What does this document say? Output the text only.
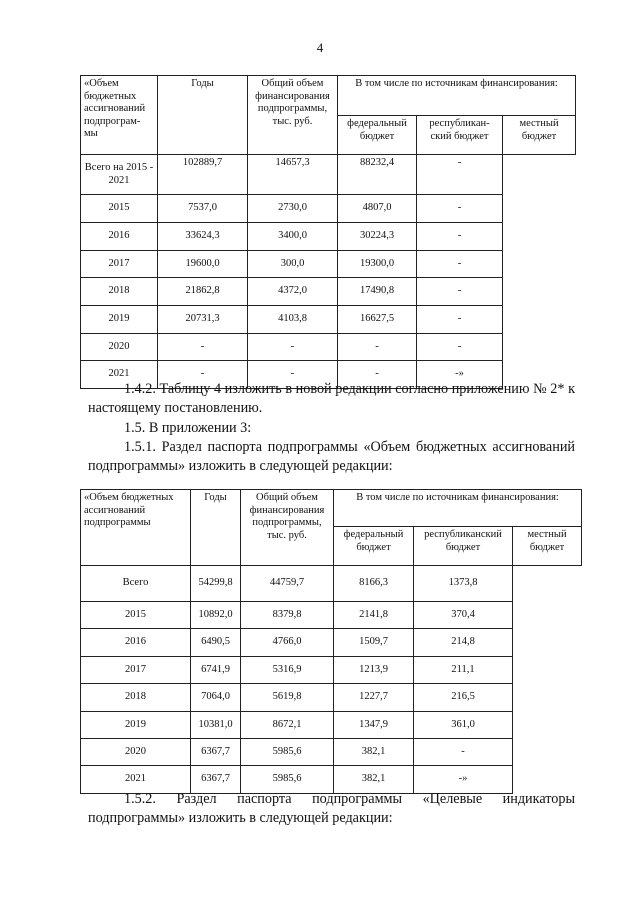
4
«Объем бюджетных ассигнований подпрограм-мы	Годы	Общий объем финансирования подпрограммы, тыс. руб.	В том числе по источникам финансирования:		
			федеральный бюджет	республикан-ский бюджет	местный бюджет
Всего на 2015 - 2021	102889,7	14657,3	88232,4	-	
2015	7537,0	2730,0	4807,0	-	
2016	33624,3	3400,0	30224,3	-	
2017	19600,0	300,0	19300,0	-	
2018	21862,8	4372,0	17490,8	-	
2019	20731,3	4103,8	16627,5	-	
2020	-	-	-	-	
2021	-	-	-	-»	
1.4.2. Таблицу 4 изложить в новой редакции согласно приложению № 2* к настоящему постановлению.
1.5. В приложении 3:
1.5.1. Раздел паспорта подпрограммы «Объем бюджетных ассигнований подпрограммы» изложить в следующей редакции:
«Объем бюджетных ассигнований подпрограммы	Годы	Общий объем финансирования подпрограммы, тыс. руб.	В том числе по источникам финансирования:		
			федеральный бюджет	республиканский бюджет	местный бюджет
Всего	54299,8	44759,7	8166,3	1373,8	
2015	10892,0	8379,8	2141,8	370,4	
2016	6490,5	4766,0	1509,7	214,8	
2017	6741,9	5316,9	1213,9	211,1	
2018	7064,0	5619,8	1227,7	216,5	
2019	10381,0	8672,1	1347,9	361,0	
2020	6367,7	5985,6	382,1	-	
2021	6367,7	5985,6	382,1	-»	
1.5.2. Раздел паспорта подпрограммы «Целевые индикаторы подпрограммы» изложить в следующей редакции:
